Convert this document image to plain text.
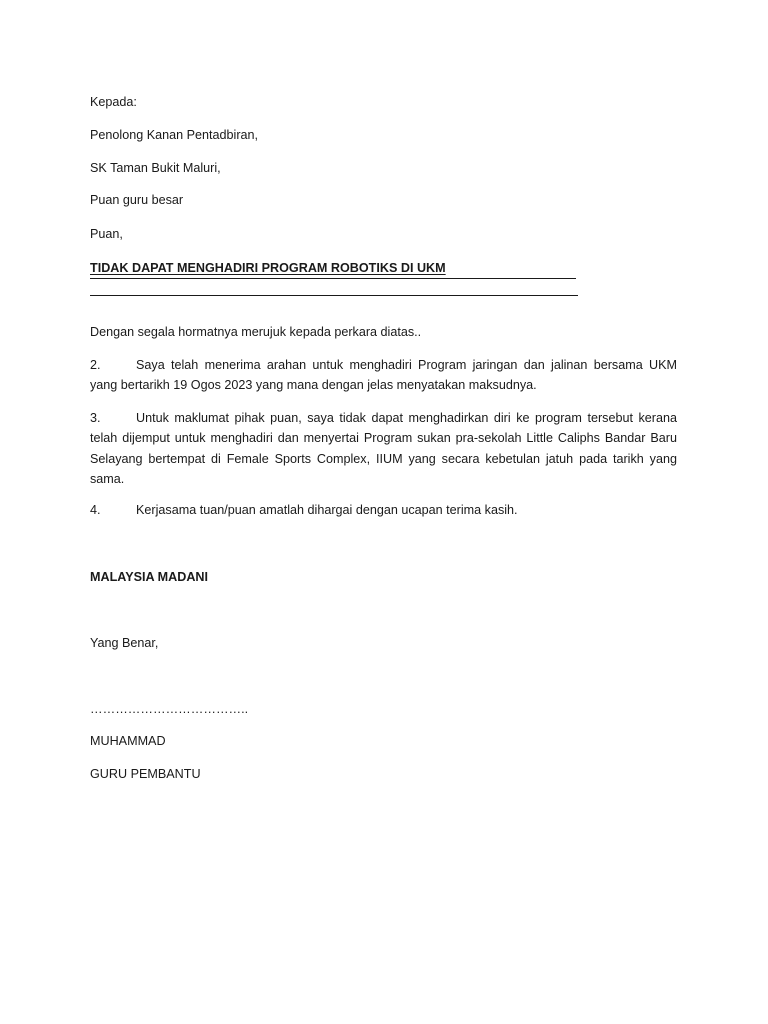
Kepada:
Penolong Kanan Pentadbiran,
SK Taman Bukit Maluri,
Puan guru besar
Puan,
TIDAK DAPAT MENGHADIRI PROGRAM ROBOTIKS DI UKM
Dengan segala hormatnya merujuk kepada perkara diatas..
2.	Saya telah menerima arahan untuk menghadiri Program jaringan dan jalinan bersama UKM yang bertarikh 19 Ogos 2023 yang mana dengan jelas menyatakan maksudnya.
3.	Untuk maklumat pihak puan, saya tidak dapat menghadirkan diri ke program tersebut kerana telah dijemput untuk menghadiri dan menyertai Program sukan pra-sekolah Little Caliphs Bandar Baru Selayang bertempat di Female Sports Complex, IIUM yang secara kebetulan jatuh pada tarikh yang sama.
4.	Kerjasama tuan/puan amatlah dihargai dengan ucapan terima kasih.
MALAYSIA MADANI
Yang Benar,
………………………………..
MUHAMMAD
GURU PEMBANTU
